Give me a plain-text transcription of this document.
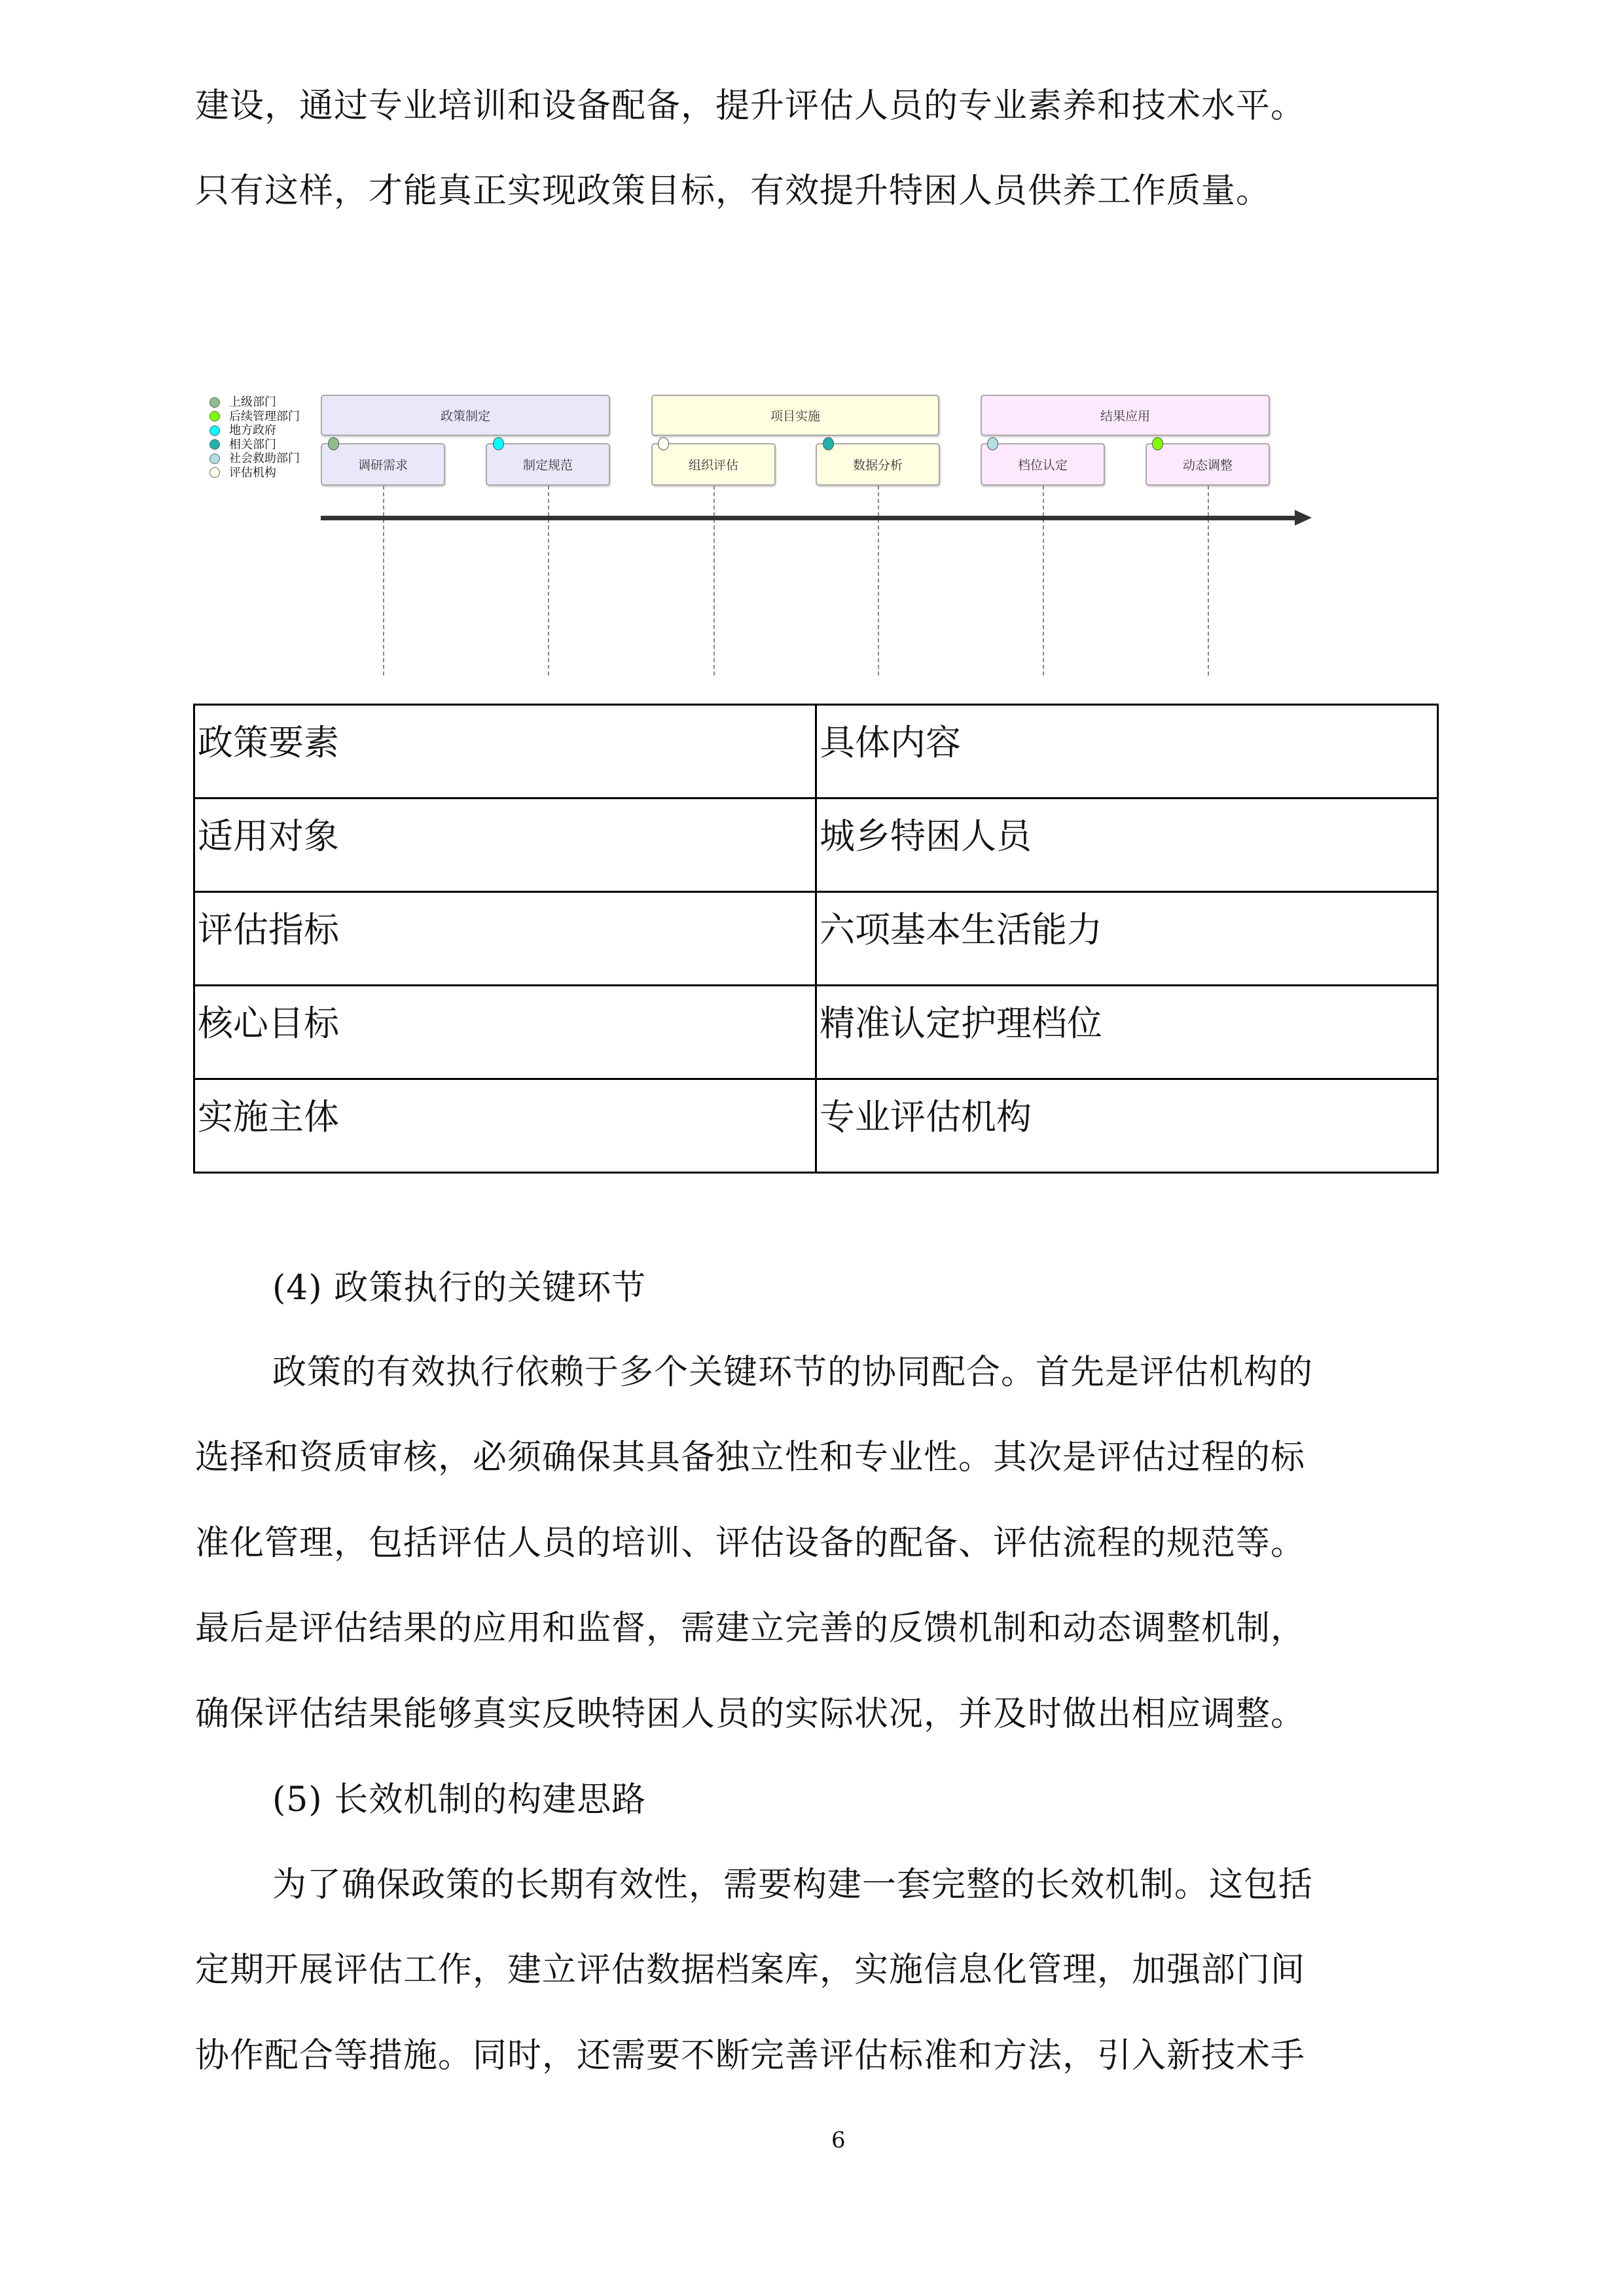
建设，通过专业培训和设备配备，提升评估人员的专业素养和技术水平。
只有这样，才能真正实现政策目标，有效提升特困人员供养工作质量。
上级部门
后续管理部门
地方政府
相关部门
社会救助部门
评估机构
政策制定	项目实施	结果应用
调研需求	制定规范	组织评估	数据分析	档位认定	动态调整
政策要素	具体内容
适用对象	城乡特困人员
评估指标	六项基本生活能力
核心目标	精准认定护理档位
实施主体	专业评估机构
(4) 政策执行的关键环节
政策的有效执行依赖于多个关键环节的协同配合。首先是评估机构的
选择和资质审核，必须确保其具备独立性和专业性。其次是评估过程的标
准化管理，包括评估人员的培训、评估设备的配备、评估流程的规范等。
最后是评估结果的应用和监督，需建立完善的反馈机制和动态调整机制，
确保评估结果能够真实反映特困人员的实际状况，并及时做出相应调整。
(5) 长效机制的构建思路
为了确保政策的长期有效性，需要构建一套完整的长效机制。这包括
定期开展评估工作，建立评估数据档案库，实施信息化管理，加强部门间
协作配合等措施。同时，还需要不断完善评估标准和方法，引入新技术手
6
